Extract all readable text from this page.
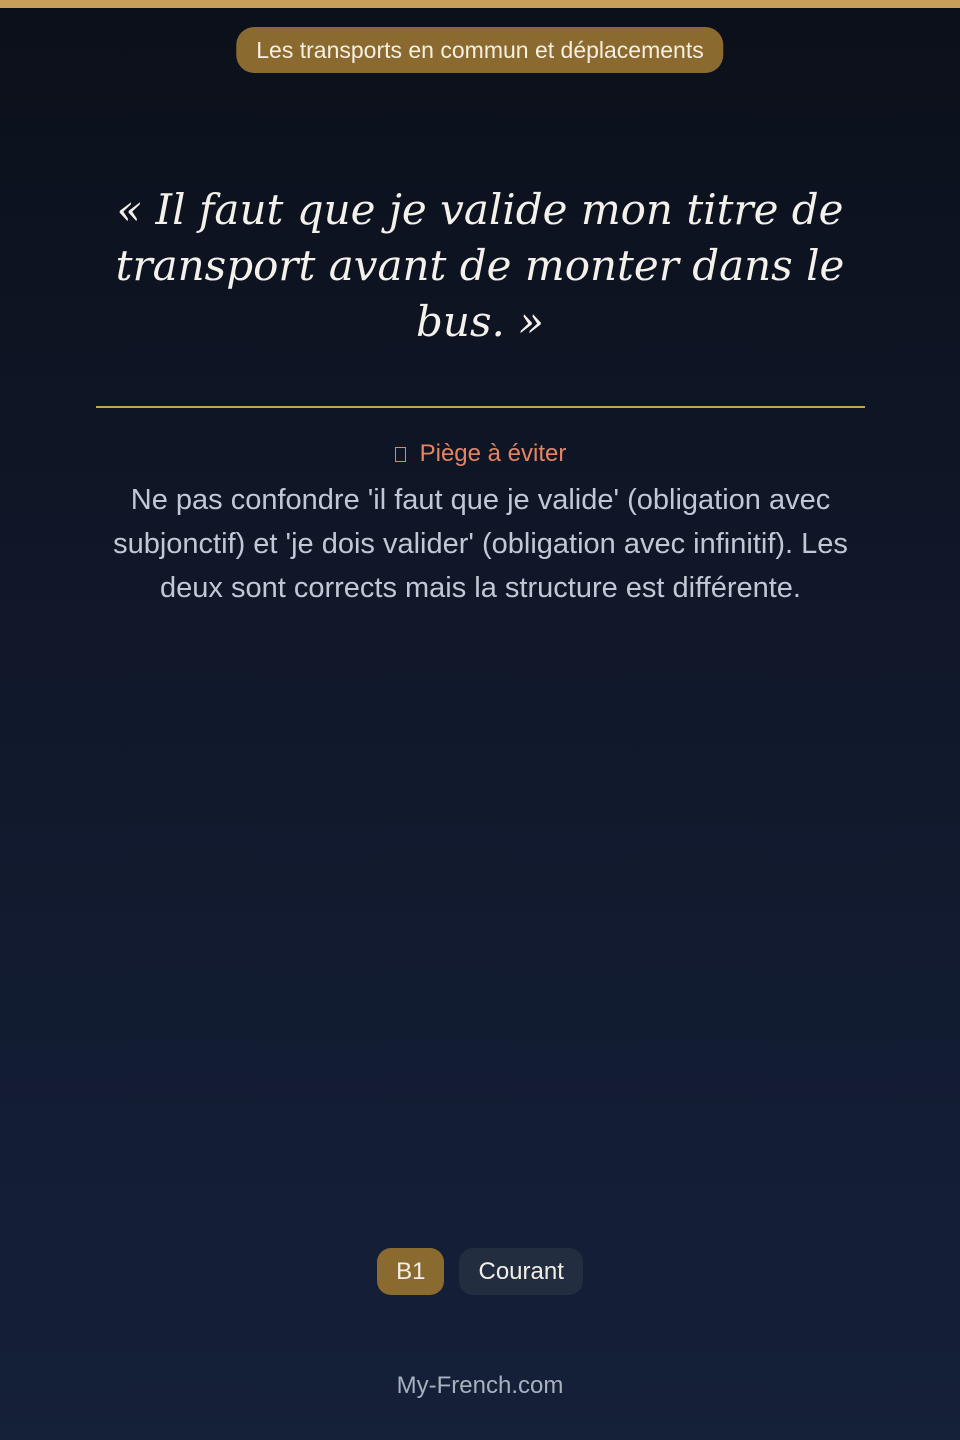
Les transports en commun et déplacements
« Il faut que je valide mon titre de transport avant de monter dans le bus. »
Piège à éviter
Ne pas confondre 'il faut que je valide' (obligation avec subjonctif) et 'je dois valider' (obligation avec infinitif). Les deux sont corrects mais la structure est différente.
B1	Courant
My-French.com
